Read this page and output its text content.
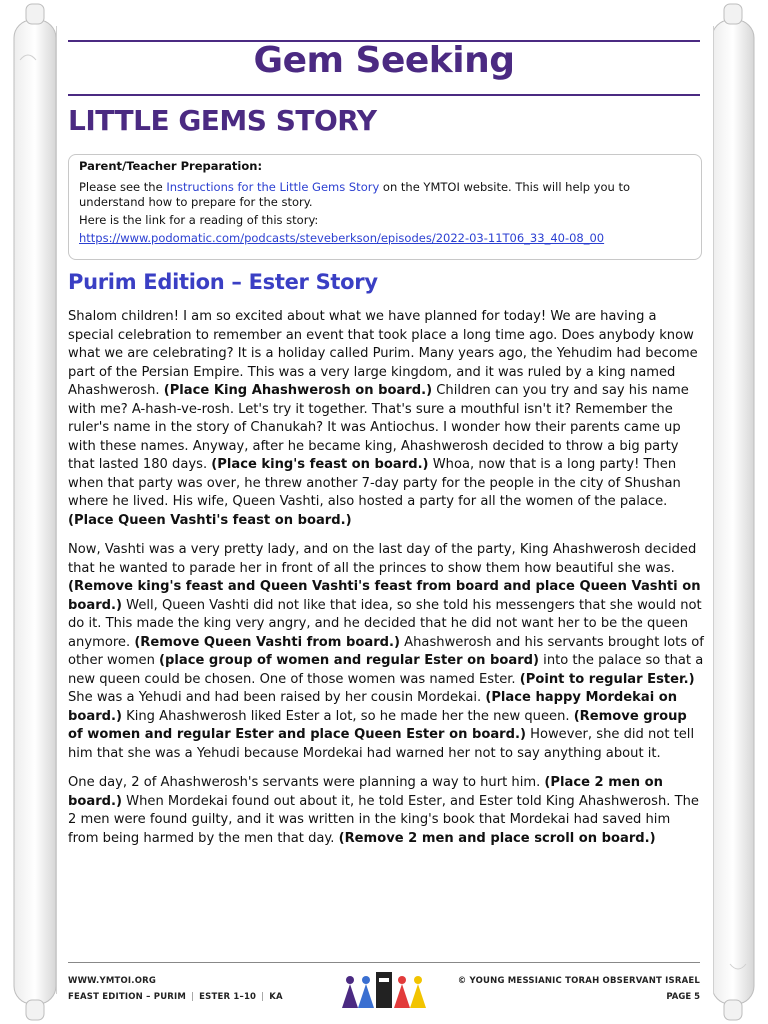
Gem Seeking
LITTLE GEMS STORY
Parent/Teacher Preparation:

Please see the Instructions for the Little Gems Story on the YMTOI website. This will help you to understand how to prepare for the story.

Here is the link for a reading of this story:

https://www.podomatic.com/podcasts/steveberkson/episodes/2022-03-11T06_33_40-08_00

Purim Edition – Ester Story

Shalom children! I am so excited about what we have planned for today! We are having a special celebration to remember an event that took place a long time ago. Does anybody know what we are celebrating? It is a holiday called Purim. Many years ago, the Yehudim had become part of the Persian Empire. This was a very large kingdom, and it was ruled by a king named Ahashwerosh. (Place King Ahashwerosh on board.) Children can you try and say his name with me? A-hash-ve-rosh. Let's try it together. That's sure a mouthful isn't it? Remember the ruler's name in the story of Chanukah? It was Antiochus. I wonder how their parents came up with these names. Anyway, after he became king, Ahashwerosh decided to throw a big party that lasted 180 days. (Place king's feast on board.) Whoa, now that is a long party! Then when that party was over, he threw another 7-day party for the people in the city of Shushan where he lived. His wife, Queen Vashti, also hosted a party for all the women of the palace. (Place Queen Vashti's feast on board.)

Now, Vashti was a very pretty lady, and on the last day of the party, King Ahashwerosh decided that he wanted to parade her in front of all the princes to show them how beautiful she was. (Remove king's feast and Queen Vashti's feast from board and place Queen Vashti on board.) Well, Queen Vashti did not like that idea, so she told his messengers that she would not do it. This made the king very angry, and he decided that he did not want her to be the queen anymore. (Remove Queen Vashti from board.) Ahashwerosh and his servants brought lots of other women (place group of women and regular Ester on board) into the palace so that a new queen could be chosen. One of those women was named Ester. (Point to regular Ester.) She was a Yehudi and had been raised by her cousin Mordekai. (Place happy Mordekai on board.) King Ahashwerosh liked Ester a lot, so he made her the new queen. (Remove group of women and regular Ester and place Queen Ester on board.) However, she did not tell him that she was a Yehudi because Mordekai had warned her not to say anything about it.

One day, 2 of Ahashwerosh's servants were planning a way to hurt him. (Place 2 men on board.) When Mordekai found out about it, he told Ester, and Ester told King Ahashwerosh. The 2 men were found guilty, and it was written in the king's book that Mordekai had saved him from being harmed by the men that day. (Remove 2 men and place scroll on board.)

WWW.YMTOI.ORG
FEAST EDITION – PURIM | ESTER 1–10 | KA
© YOUNG MESSIANIC TORAH OBSERVANT ISRAEL
PAGE 5
